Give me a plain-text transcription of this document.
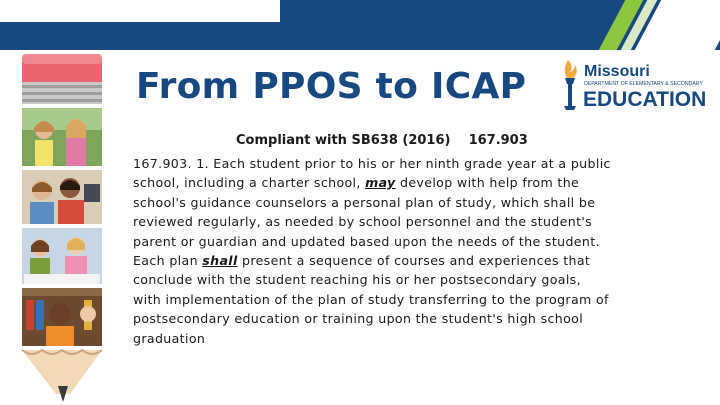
From PPOS to ICAP	Missouri
DEPARTMENT OF ELEMENTARY & SECONDARY
EDUCATION
Compliant with SB638 (2016)    167.903
167.903. 1. Each student prior to his or her ninth grade year at a public school, including a charter school, may develop with help from the school's guidance counselors a personal plan of study, which shall be reviewed regularly, as needed by school personnel and the student's parent or guardian and updated based upon the needs of the student. Each plan shall present a sequence of courses and experiences that conclude with the student reaching his or her postsecondary goals, with implementation of the plan of study transferring to the program of postsecondary education or training upon the student's high school graduation
